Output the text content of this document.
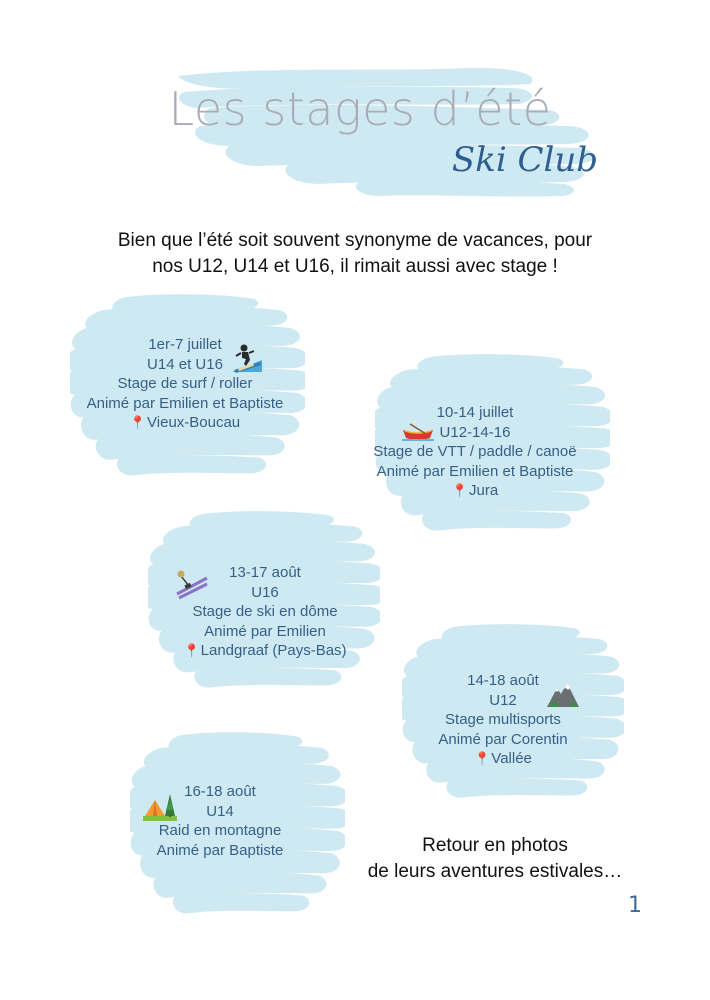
Les stages d’été
Ski Club
Bien que l’été soit souvent synonyme de vacances, pour
nos U12, U14 et U16, il rimait aussi avec stage !
1er-7 juillet
U14 et U16
Stage de surf / roller
Animé par Emilien et Baptiste
📍Vieux-Boucau
10-14 juillet
U12-14-16
Stage de VTT / paddle / canoë
Animé par Emilien et Baptiste
📍Jura
13-17 août
U16
Stage de ski en dôme
Animé par Emilien
📍Landgraaf (Pays-Bas)
14-18 août
U12
Stage multisports
Animé par Corentin
📍Vallée
16-18 août
U14
Raid en montagne
Animé par Baptiste	Retour en photos
de leurs aventures estivales…
1
